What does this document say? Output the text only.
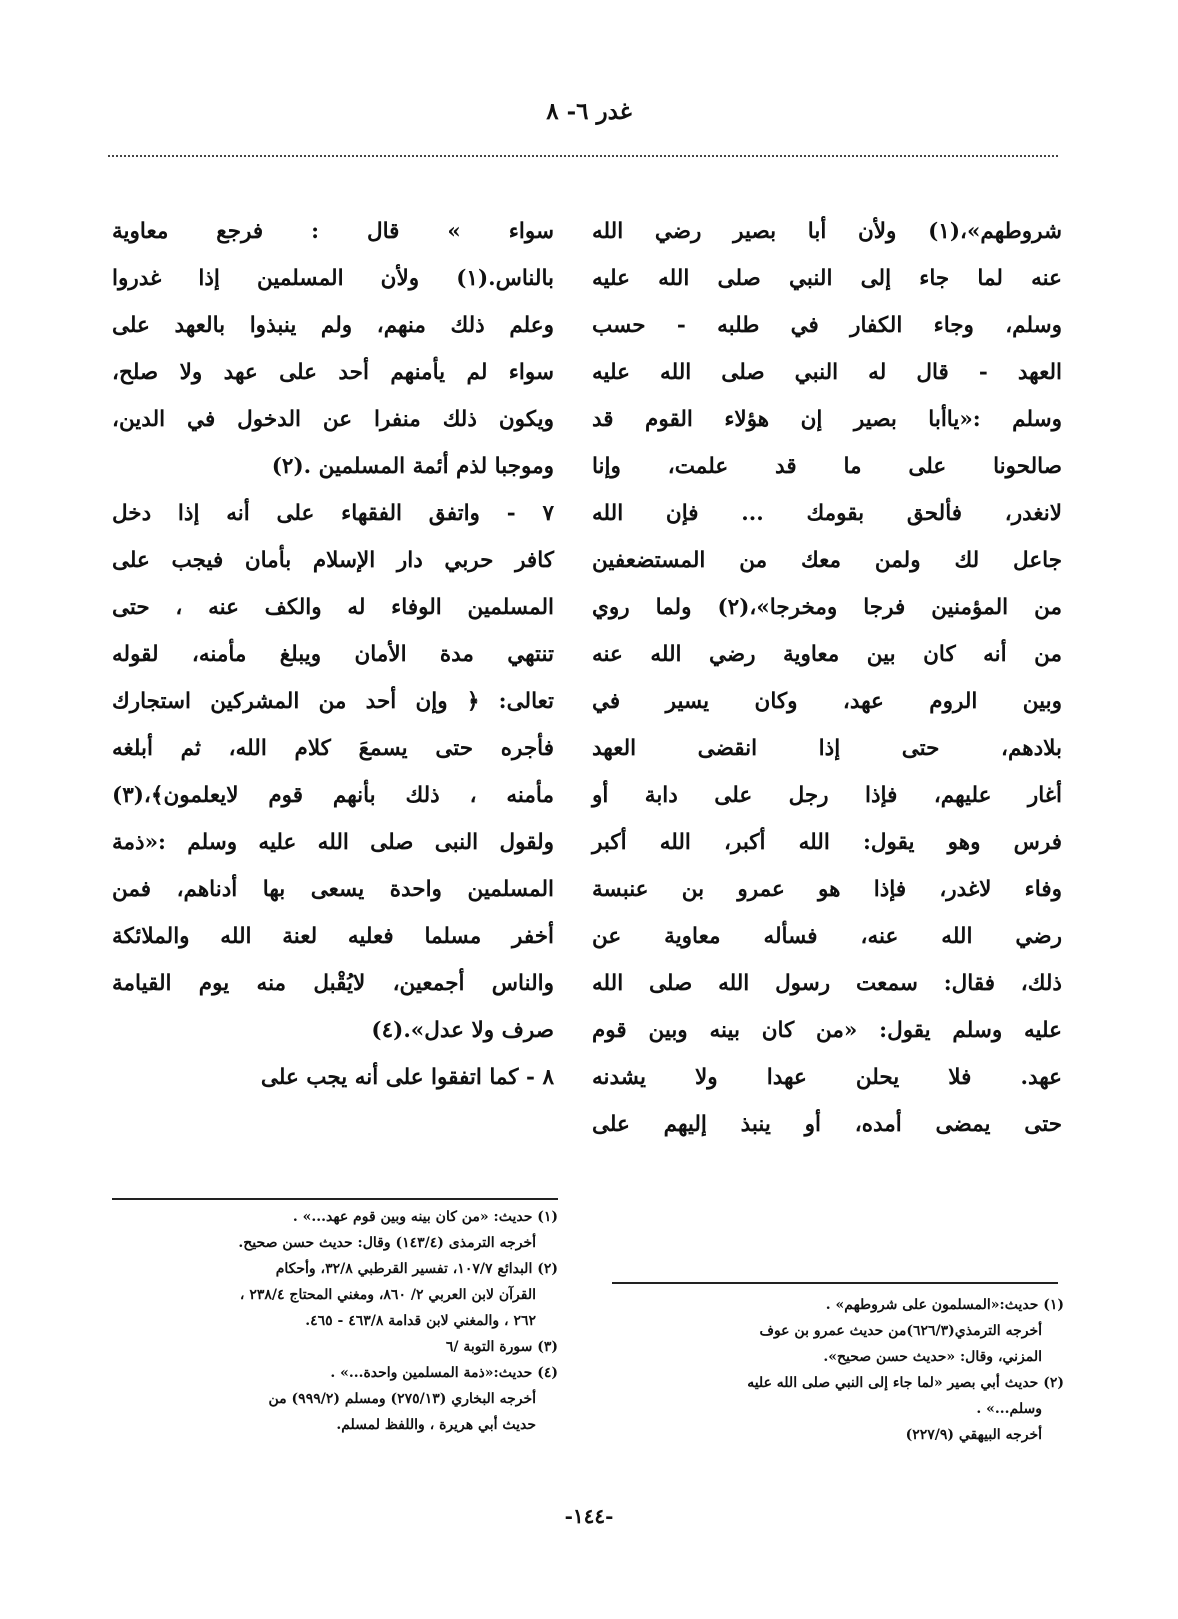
غدر ٦- ٨

شروطهم»،(١) ولأن أبا بصير رضي الله

عنه لما جاء إلى النبي صلى الله عليه

وسلم، وجاء الكفار في طلبه - حسب

العهد - قال له النبي صلى الله عليه

وسلم :«ياأبا بصير إن هؤلاء القوم قد

صالحونا على ما قد علمت، وإنا

لانغدر، فألحق بقومك ... فإن الله

جاعل لك ولمن معك من المستضعفين

من المؤمنين فرجا ومخرجا»،(٢) ولما روي

من أنه كان بين معاوية رضي الله عنه

وبين الروم عهد، وكان يسير في

بلادهم، حتى إذا انقضى العهد

أغار عليهم، فإذا رجل على دابة أو

فرس وهو يقول: الله أكبر، الله أكبر

وفاء لاغدر، فإذا هو عمرو بن عنبسة

رضي الله عنه، فسأله معاوية عن

ذلك، فقال: سمعت رسول الله صلى الله

عليه وسلم يقول: «من كان بينه وبين قوم

عهد. فلا يحلن عهدا ولا يشدنه

حتى يمضى أمده، أو ينبذ إليهم على

سواء » قال : فرجع معاوية

بالناس.(١) ولأن المسلمين إذا غدروا

وعلم ذلك منهم، ولم ينبذوا بالعهد على

سواء لم يأمنهم أحد على عهد ولا صلح،

ويكون ذلك منفرا عن الدخول في الدين،

وموجبا لذم أئمة المسلمين .(٢)

٧ - واتفق الفقهاء على أنه إذا دخل

كافر حربي دار الإسلام بأمان فيجب على

المسلمين الوفاء له والكف عنه ، حتى

تنتهي مدة الأمان ويبلغ مأمنه، لقوله

تعالى: ﴿ وإن أحد من المشركين استجارك

فأجره حتى يسمعَ كلام الله، ثم أبلغه

مأمنه ، ذلك بأنهم قوم لايعلمون﴾،(٣)

ولقول النبى صلى الله عليه وسلم :«ذمة

المسلمين واحدة يسعى بها أدناهم، فمن

أخفر مسلما فعليه لعنة الله والملائكة

والناس أجمعين، لايُقْبل منه يوم القيامة

صرف ولا عدل».(٤)

٨ - كما اتفقوا على أنه يجب على

(١) حديث: «من كان بينه وبين قوم عهد...» .
أخرجه الترمذى (١٤٣/٤) وقال: حديث حسن صحيح.
(٢) البدائع ١٠٧/٧، تفسير القرطبي ٣٢/٨، وأحكام
القرآن لابن العربي ٢/ ٨٦٠، ومغني المحتاج ٢٣٨/٤ ،
٢٦٢ ، والمغني لابن قدامة ٤٦٣/٨ - ٤٦٥.
(٣) سورة التوبة /٦
(٤) حديث:«ذمة المسلمين واحدة...» .
أخرجه البخاري (٢٧٥/١٣) ومسلم (٩٩٩/٢) من
حديث أبي هريرة ، واللفظ لمسلم.
(١) حديث:«المسلمون على شروطهم» .
أخرجه الترمذي(٦٢٦/٣)من حديث عمرو بن عوف
المزني، وقال: «حديث حسن صحيح».
(٢) حديث أبي بصير «لما جاء إلى النبي صلى الله عليه
وسلم...» .
أخرجه البيهقي (٢٢٧/٩)
-١٤٤-
